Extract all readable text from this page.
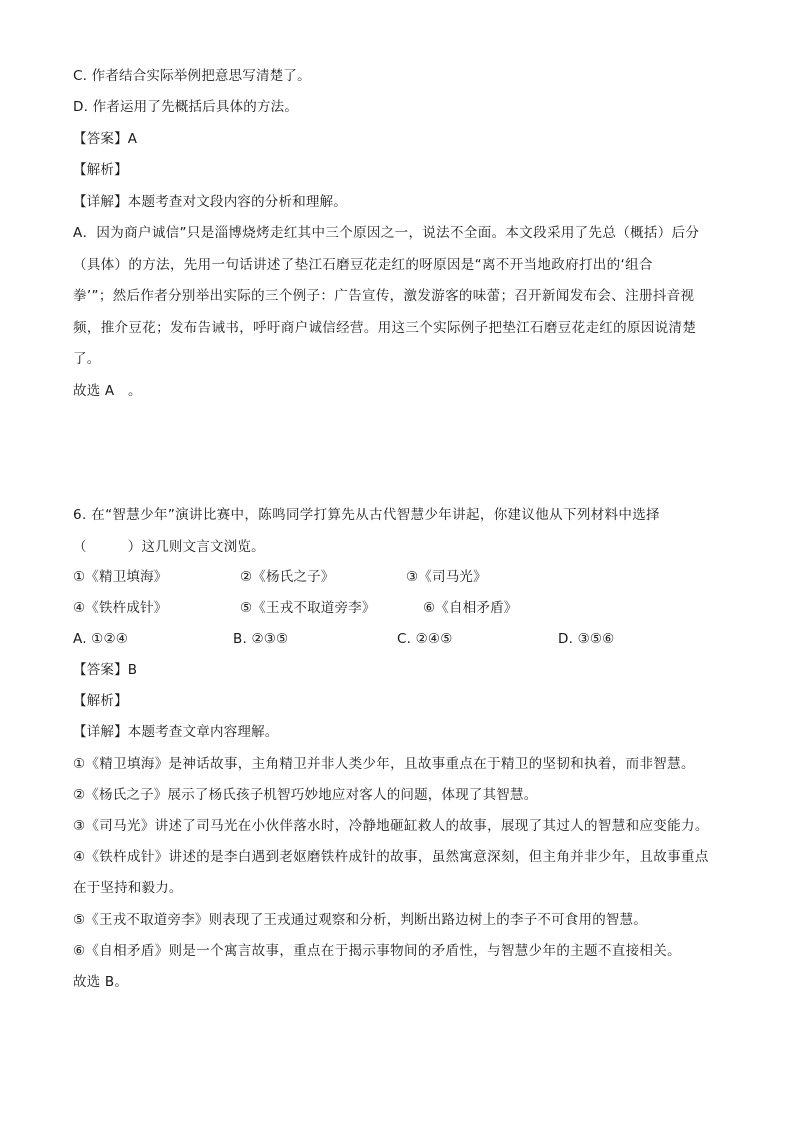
C. 作者结合实际举例把意思写清楚了。
D. 作者运用了先概括后具体的方法。
【答案】A
【解析】
【详解】本题考查对文段内容的分析和理解。
A．因为商户诚信”只是淄博烧烤走红其中三个原因之一，说法不全面。本文段采用了先总（概括）后分
（具体）的方法，先用一句话讲述了垫江石磨豆花走红的呀原因是“离不开当地政府打出的‘组合
拳’”；然后作者分别举出实际的三个例子：广告宣传，激发游客的味蕾；召开新闻发布会、注册抖音视
频，推介豆花；发布告诫书，呼吁商户诚信经营。用这三个实际例子把垫江石磨豆花走红的原因说清楚
了。
故选 A　。
6. 在“智慧少年”演讲比赛中，陈鸣同学打算先从古代智慧少年讲起，你建议他从下列材料中选择
（　　　）这几则文言文浏览。
①《精卫填海》	②《杨氏之子》	③《司马光》
④《铁杵成针》	⑤《王戎不取道旁李》	⑥《自相矛盾》
A. ①②④	B. ②③⑤	C. ②④⑤	D. ③⑤⑥
【答案】B
【解析】
【详解】本题考查文章内容理解。
①《精卫填海》是神话故事，主角精卫并非人类少年，且故事重点在于精卫的坚韧和执着，而非智慧。
②《杨氏之子》展示了杨氏孩子机智巧妙地应对客人的问题，体现了其智慧。
③《司马光》讲述了司马光在小伙伴落水时，冷静地砸缸救人的故事，展现了其过人的智慧和应变能力。
④《铁杵成针》讲述的是李白遇到老妪磨铁杵成针的故事，虽然寓意深刻，但主角并非少年，且故事重点
在于坚持和毅力。
⑤《王戎不取道旁李》则表现了王戎通过观察和分析，判断出路边树上的李子不可食用的智慧。
⑥《自相矛盾》则是一个寓言故事，重点在于揭示事物间的矛盾性，与智慧少年的主题不直接相关。
故选 B。
